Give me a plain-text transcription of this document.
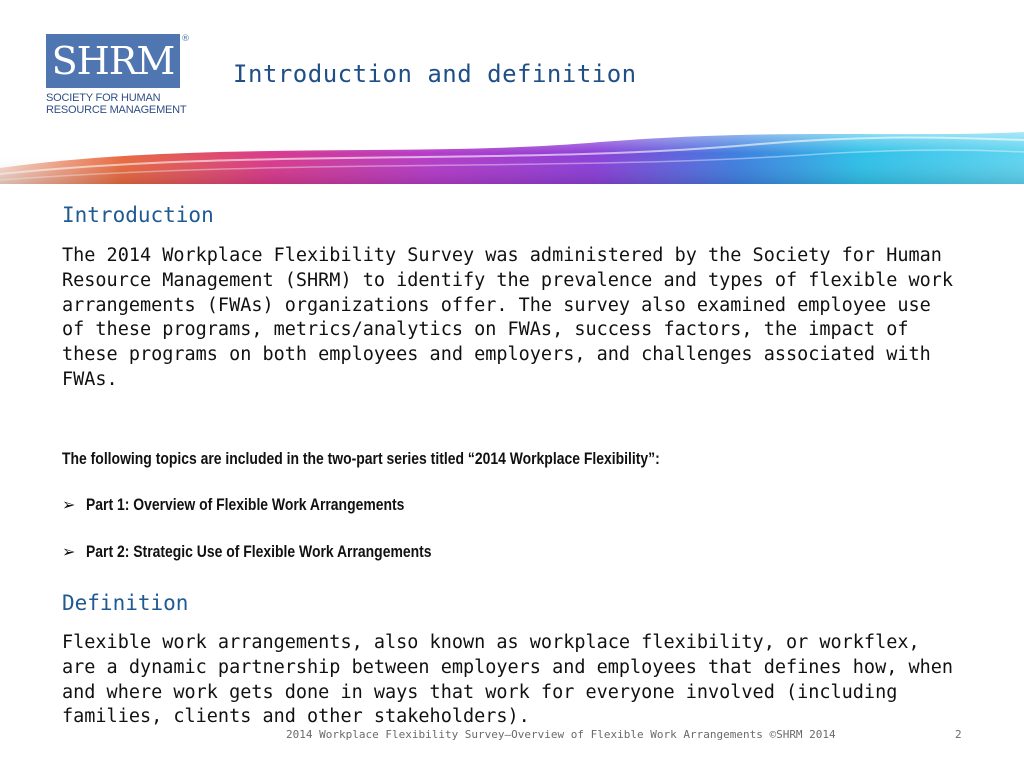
SHRM ®
SOCIETY FOR HUMAN
RESOURCE MANAGEMENT
Introduction and definition
Introduction
The 2014 Workplace Flexibility Survey was administered by the Society for Human Resource Management (SHRM) to identify the prevalence and types of flexible work arrangements (FWAs) organizations offer. The survey also examined employee use of these programs, metrics/analytics on FWAs, success factors, the impact of these programs on both employees and employers, and challenges associated with FWAs.
The following topics are included in the two-part series titled “2014 Workplace Flexibility”:
➢ Part 1: Overview of Flexible Work Arrangements
➢ Part 2: Strategic Use of Flexible Work Arrangements
Definition
Flexible work arrangements, also known as workplace flexibility, or workflex, are a dynamic partnership between employers and employees that defines how, when and where work gets done in ways that work for everyone involved (including families, clients and other stakeholders).
2014 Workplace Flexibility Survey—Overview of Flexible Work Arrangements ©SHRM 2014	2
